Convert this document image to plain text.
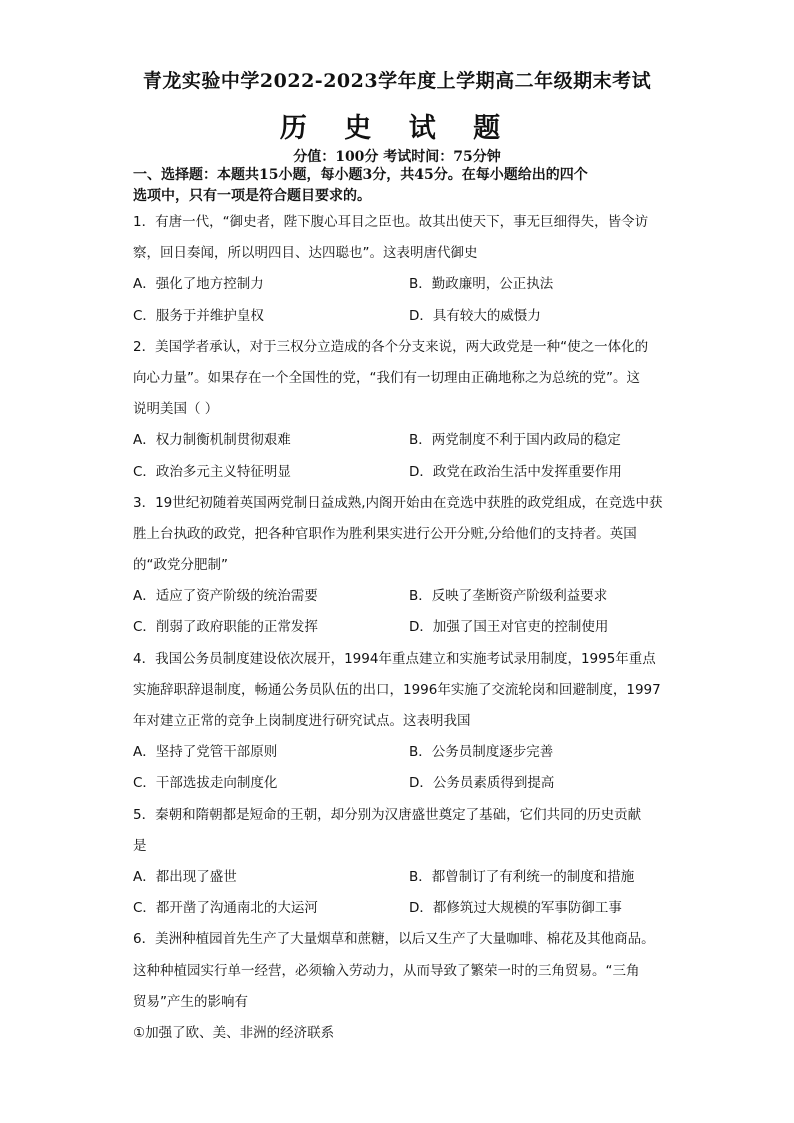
青龙实验中学2022-2023学年度上学期高二年级期末考试
历 史 试 题
分值：100分 考试时间：75分钟
一、选择题：本题共15小题，每小题3分，共45分。在每小题给出的四个
选项中，只有一项是符合题目要求的。
1．有唐一代，“御史者，陛下腹心耳目之臣也。故其出使天下，事无巨细得失，皆令访
察，回日奏闻，所以明四目、达四聪也”。这表明唐代御史
A．强化了地方控制力	B．勤政廉明，公正执法
C．服务于并维护皇权	D．具有较大的威慑力
2．美国学者承认，对于三权分立造成的各个分支来说，两大政党是一种“使之一体化的
向心力量”。如果存在一个全国性的党，“我们有一切理由正确地称之为总统的党”。这
说明美国（ ）
A．权力制衡机制贯彻艰难	B．两党制度不利于国内政局的稳定
C．政治多元主义特征明显	D．政党在政治生活中发挥重要作用
3．19世纪初随着英国两党制日益成熟,内阁开始由在竞选中获胜的政党组成，在竞选中获
胜上台执政的政党，把各种官职作为胜利果实进行公开分赃,分给他们的支持者。英国
的“政党分肥制”
A．适应了资产阶级的统治需要	B．反映了垄断资产阶级利益要求
C．削弱了政府职能的正常发挥	D．加强了国王对官吏的控制使用
4．我国公务员制度建设依次展开，1994年重点建立和实施考试录用制度，1995年重点
实施辞职辞退制度，畅通公务员队伍的出口，1996年实施了交流轮岗和回避制度，1997
年对建立正常的竞争上岗制度进行研究试点。这表明我国
A．坚持了党管干部原则	B．公务员制度逐步完善
C．干部选拔走向制度化	D．公务员素质得到提高
5．秦朝和隋朝都是短命的王朝，却分别为汉唐盛世奠定了基础，它们共同的历史贡献
是
A．都出现了盛世	B．都曾制订了有利统一的制度和措施
C．都开凿了沟通南北的大运河	D．都修筑过大规模的军事防御工事
6．美洲种植园首先生产了大量烟草和蔗糖，以后又生产了大量咖啡、棉花及其他商品。
这种种植园实行单一经营，必须输入劳动力，从而导致了繁荣一时的三角贸易。“三角
贸易”产生的影响有
①加强了欧、美、非洲的经济联系
